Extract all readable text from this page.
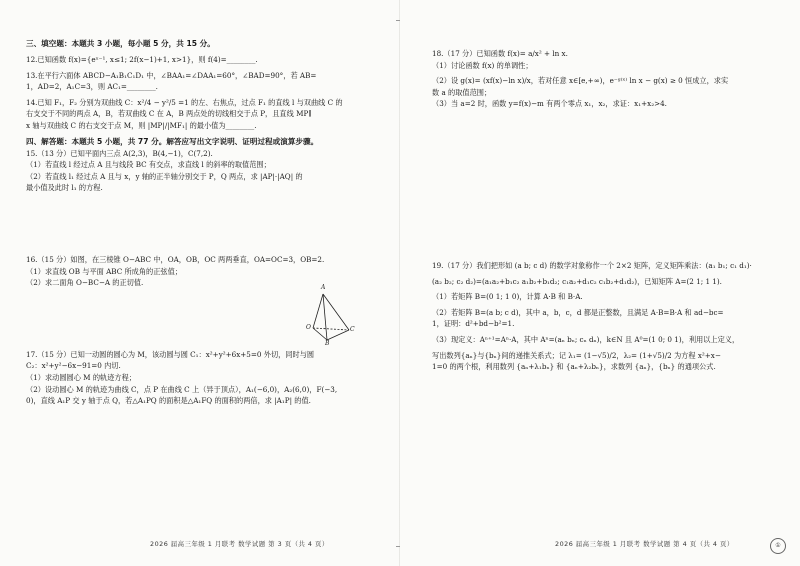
三、填空题：本题共 3 小题，每小题 5 分，共 15 分。
12.已知函数 f(x)={eˣ⁻¹, x≤1; 2f(x−1)+1, x>1}，则 f(4)=________.
13.在平行六面体 ABCD−A₁B₁C₁D₁ 中，∠BAA₁=∠DAA₁=60°，∠BAD=90°，若 AB=
1，AD=2，A₁C=3，则 AC₁=________.
14.已知 F₁，F₂ 分别为双曲线 C：x²/4 − y²/5 =1 的左、右焦点，过点 F₁ 的直线 l 与双曲线 C 的
右支交于不同的两点 A，B，若双曲线 C 在 A，B 两点处的切线相交于点 P，且直线 MP∥
x 轴与双曲线 C 的右支交于点 M，则 |MP|/|MF₁| 的最小值为________.
四、解答题：本题共 5 小题，共 77 分。解答应写出文字说明、证明过程或演算步骤。
15.（13 分）已知平面内三点 A(2,3)，B(4,−1)，C(7,2).
（1）若直线 l 经过点 A 且与线段 BC 有交点，求直线 l 的斜率的取值范围；
（2）若直线 l₁ 经过点 A 且与 x，y 轴的正半轴分别交于 P，Q 两点，求 |AP|·|AQ| 的
最小值及此时 l₁ 的方程.
16.（15 分）如图，在三棱锥 O−ABC 中，OA，OB，OC 两两垂直，OA=OC=3，OB=2.
（1）求直线 OB 与平面 ABC 所成角的正弦值；
（2）求二面角 O−BC−A 的正切值.
17.（15 分）已知一动圆的圆心为 M，该动圆与圆 C₁：x²+y²+6x+5=0 外切，同时与圆
C₂：x²+y²−6x−91=0 内切.
（1）求动圆圆心 M 的轨迹方程；
（2）设动圆心 M 的轨迹为曲线 C，点 P 在曲线 C 上（异于顶点），A₁(−6,0)，A₂(6,0)，F(−3,
0)，直线 A₁P 交 y 轴于点 Q，若△A₁PQ 的面积是△A₁FQ 的面积的两倍，求 |A₁P| 的值.
A
O
B
C
18.（17 分）已知函数 f(x)= a/x² + ln x.
（1）讨论函数 f(x) 的单调性；
（2）设 g(x)= (xf(x)−ln x)/x，若对任意 x∈[e,+∞)，e⁻ᵍ⁽ˣ⁾ ln x − g(x) ≥ 0 恒成立，求实
数 a 的取值范围；
（3）当 a=2 时，函数 y=f(x)−m 有两个零点 x₁，x₂，求证：x₁+x₂>4.
19.（17 分）我们把形如 (a b; c d) 的数学对象称作一个 2×2 矩阵，定义矩阵乘法：(a₁ b₁; c₁ d₁)·
(a₂ b₂; c₂ d₂)=(a₁a₂+b₁c₂ a₁b₂+b₁d₂; c₁a₂+d₁c₂ c₁b₂+d₁d₂)，已知矩阵 A=(2 1; 1 1).
（1）若矩阵 B=(0 1; 1 0)，计算 A·B 和 B·A.
（2）若矩阵 B=(a b; c d)，其中 a，b，c，d 都是正整数，且满足 A·B=B·A 和 ad−bc=
1，证明：d²+bd−b²=1.
（3）现定义：Aⁿ⁺¹=Aⁿ·A，其中 Aⁿ=(aₙ bₙ; cₙ dₙ)，k∈N 且 A⁰=(1 0; 0 1)，利用以上定义，
写出数列{aₙ}与{bₙ}间的递推关系式；记 λ₁= (1−√5)/2，λ₂= (1+√5)/2 为方程 x²+x−
1=0 的两个根，利用数列 {aₙ+λ₁bₙ} 和 {aₙ+λ₂bₙ}，求数列 {aₙ}，{bₙ} 的通项公式.
2026 届高三年级 1 月联考 数学试题 第 3 页（共 4 页）	2026 届高三年级 1 月联考 数学试题 第 4 页（共 4 页）	①
